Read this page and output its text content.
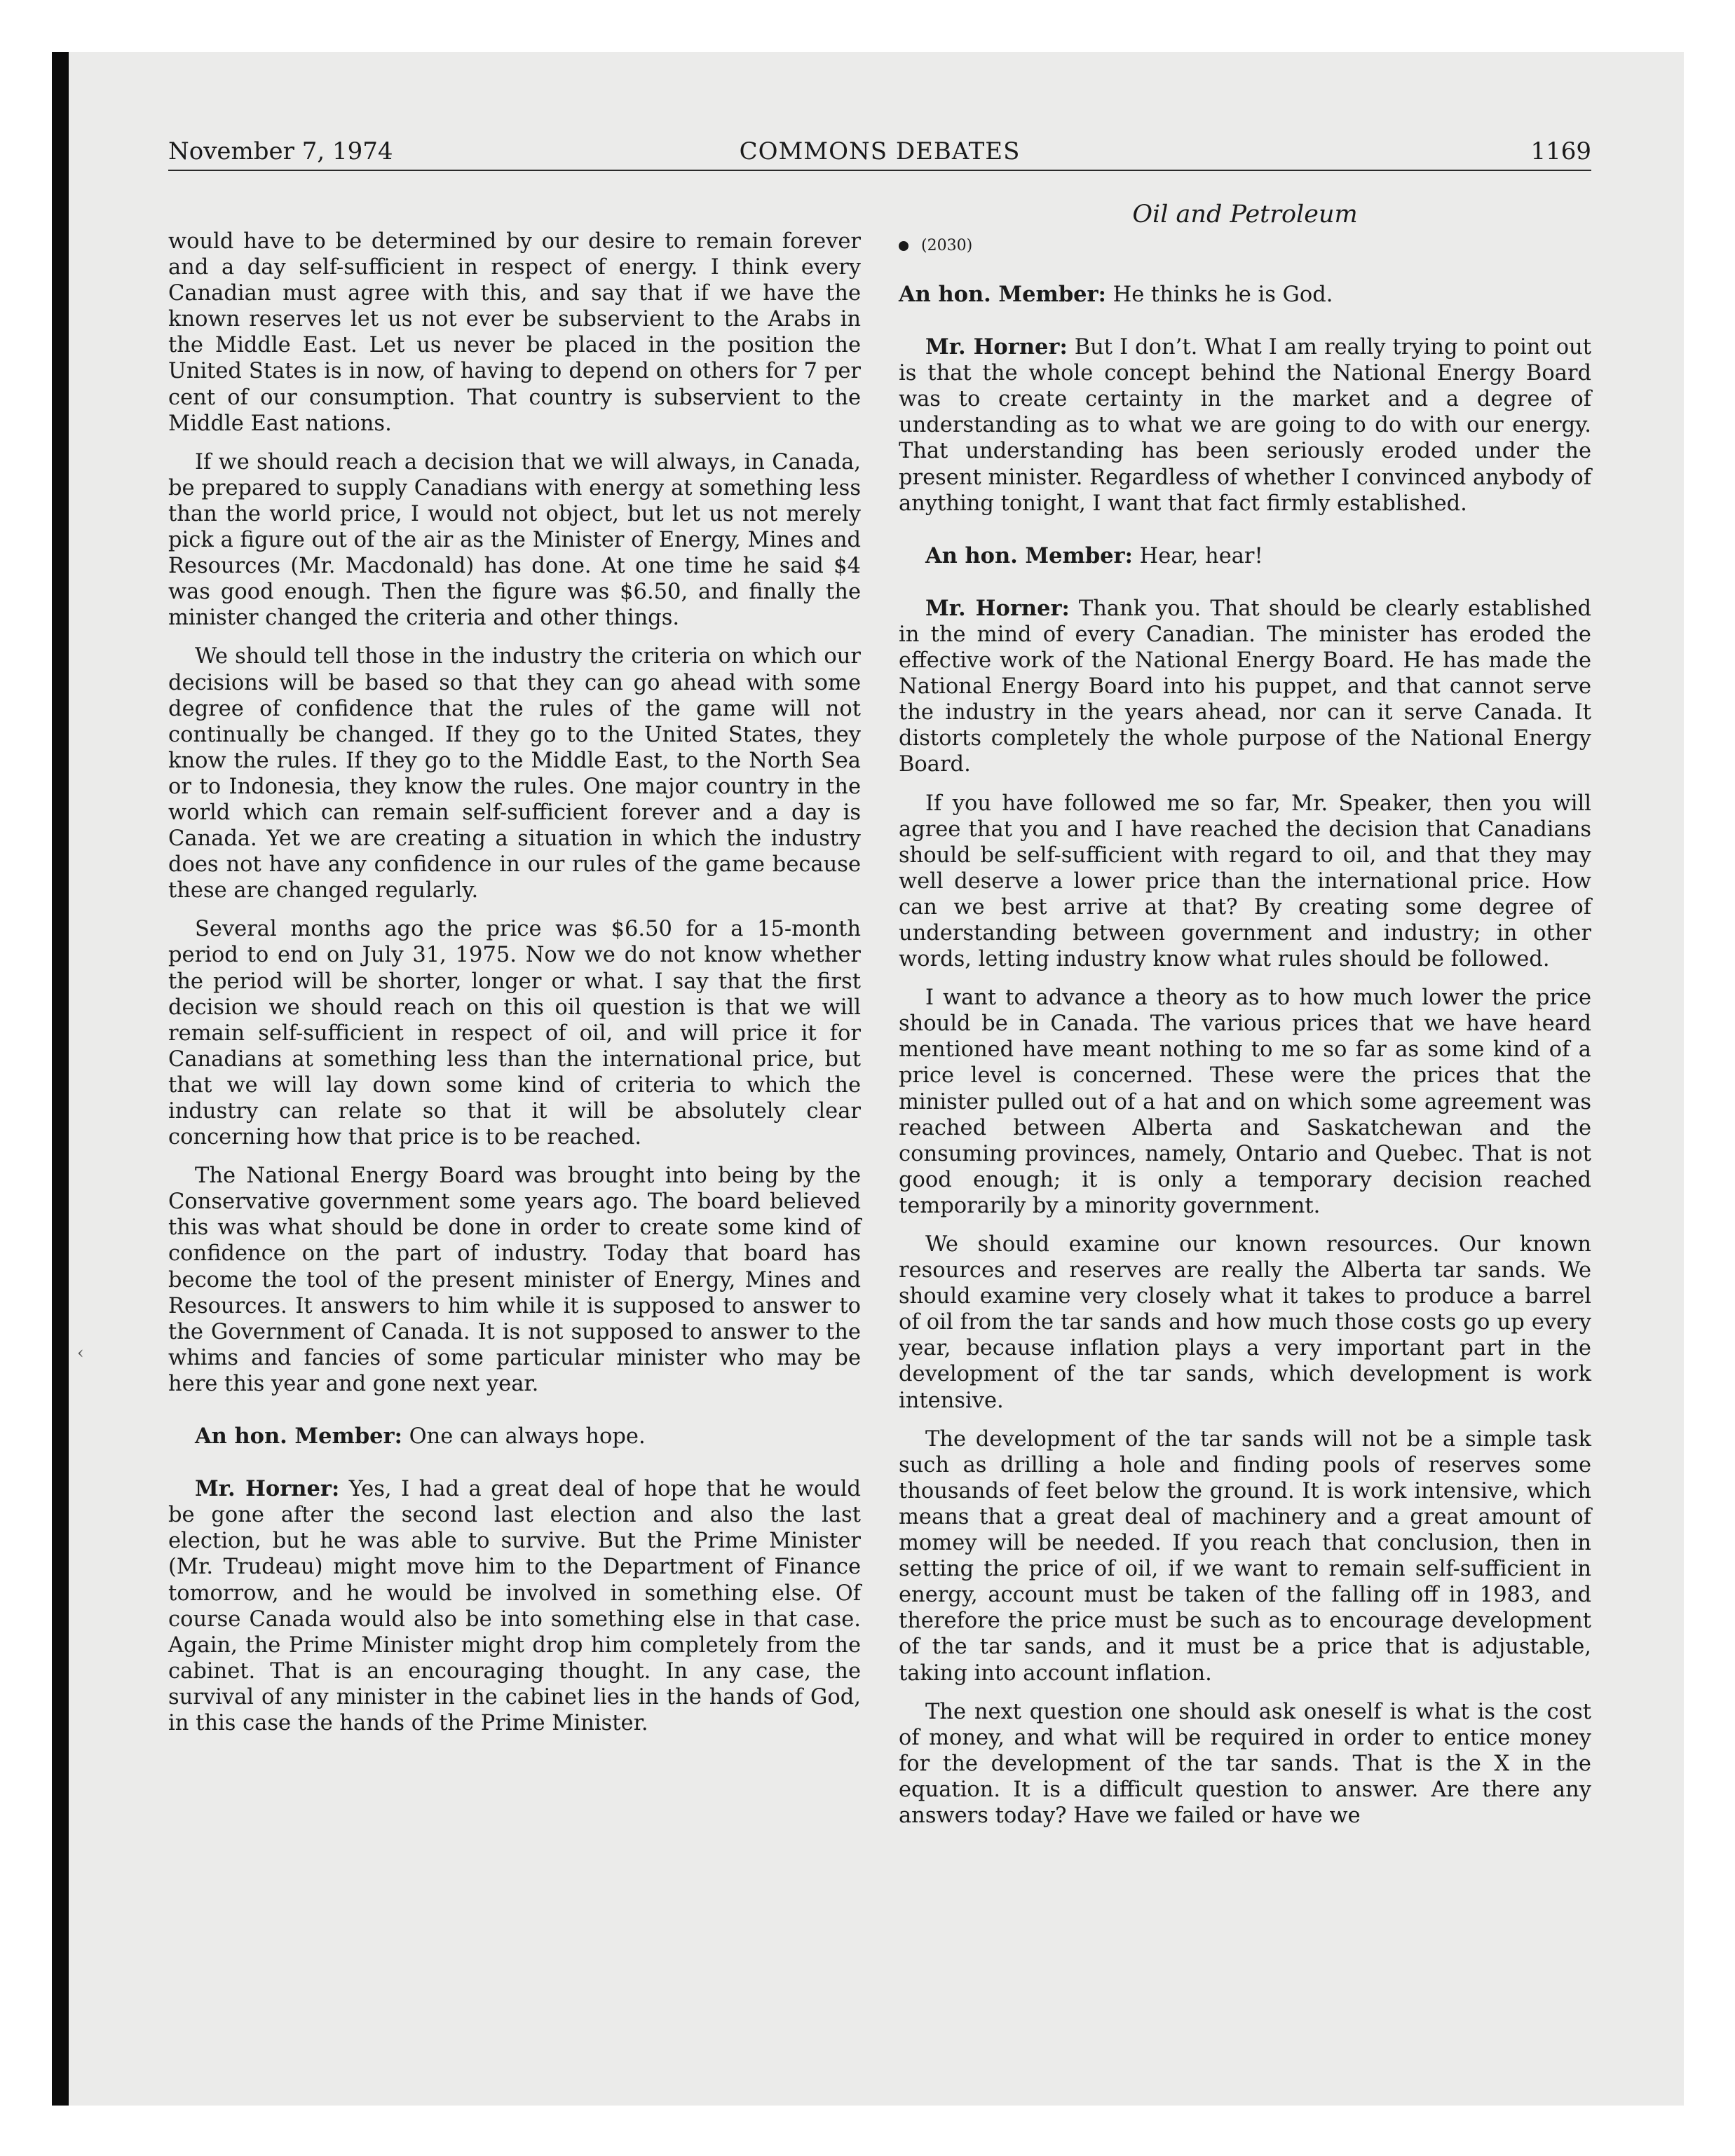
‹
November 7, 1974	COMMONS DEBATES	1169

would have to be determined by our desire to remain forever and a day self-sufficient in respect of energy. I think every Canadian must agree with this, and say that if we have the known reserves let us not ever be subservient to the Arabs in the Middle East. Let us never be placed in the position the United States is in now, of having to depend on others for 7 per cent of our consumption. That country is subservient to the Middle East nations.

If we should reach a decision that we will always, in Canada, be prepared to supply Canadians with energy at something less than the world price, I would not object, but let us not merely pick a figure out of the air as the Minister of Energy, Mines and Resources (Mr. Macdonald) has done. At one time he said $4 was good enough. Then the figure was $6.50, and finally the minister changed the criteria and other things.

We should tell those in the industry the criteria on which our decisions will be based so that they can go ahead with some degree of confidence that the rules of the game will not continually be changed. If they go to the United States, they know the rules. If they go to the Middle East, to the North Sea or to Indonesia, they know the rules. One major country in the world which can remain self-sufficient forever and a day is Canada. Yet we are creating a situation in which the industry does not have any confidence in our rules of the game because these are changed regularly.

Several months ago the price was $6.50 for a 15-month period to end on July 31, 1975. Now we do not know whether the period will be shorter, longer or what. I say that the first decision we should reach on this oil question is that we will remain self-sufficient in respect of oil, and will price it for Canadians at something less than the international price, but that we will lay down some kind of criteria to which the industry can relate so that it will be absolutely clear concerning how that price is to be reached.

The National Energy Board was brought into being by the Conservative government some years ago. The board believed this was what should be done in order to create some kind of confidence on the part of industry. Today that board has become the tool of the present minister of Energy, Mines and Resources. It answers to him while it is supposed to answer to the Government of Canada. It is not supposed to answer to the whims and fancies of some particular minister who may be here this year and gone next year.

An hon. Member: One can always hope.

Mr. Horner: Yes, I had a great deal of hope that he would be gone after the second last election and also the last election, but he was able to survive. But the Prime Minister (Mr. Trudeau) might move him to the Department of Finance tomorrow, and he would be involved in something else. Of course Canada would also be into something else in that case. Again, the Prime Minister might drop him completely from the cabinet. That is an encouraging thought. In any case, the survival of any minister in the cabinet lies in the hands of God, in this case the hands of the Prime Minister.

Oil and Petroleum
(2030)

An hon. Member: He thinks he is God.

Mr. Horner: But I don’t. What I am really trying to point out is that the whole concept behind the National Energy Board was to create certainty in the market and a degree of understanding as to what we are going to do with our energy. That understanding has been seriously eroded under the present minister. Regardless of whether I convinced anybody of anything tonight, I want that fact firmly established.

An hon. Member: Hear, hear!

Mr. Horner: Thank you. That should be clearly established in the mind of every Canadian. The minister has eroded the effective work of the National Energy Board. He has made the National Energy Board into his puppet, and that cannot serve the industry in the years ahead, nor can it serve Canada. It distorts completely the whole purpose of the National Energy Board.

If you have followed me so far, Mr. Speaker, then you will agree that you and I have reached the decision that Canadians should be self-sufficient with regard to oil, and that they may well deserve a lower price than the international price. How can we best arrive at that? By creating some degree of understanding between government and industry; in other words, letting industry know what rules should be followed.

I want to advance a theory as to how much lower the price should be in Canada. The various prices that we have heard mentioned have meant nothing to me so far as some kind of a price level is concerned. These were the prices that the minister pulled out of a hat and on which some agreement was reached between Alberta and Saskatchewan and the consuming provinces, namely, Ontario and Quebec. That is not good enough; it is only a temporary decision reached temporarily by a minority government.

We should examine our known resources. Our known resources and reserves are really the Alberta tar sands. We should examine very closely what it takes to produce a barrel of oil from the tar sands and how much those costs go up every year, because inflation plays a very important part in the development of the tar sands, which development is work intensive.

The development of the tar sands will not be a simple task such as drilling a hole and finding pools of reserves some thousands of feet below the ground. It is work intensive, which means that a great deal of machinery and a great amount of momey will be needed. If you reach that conclusion, then in setting the price of oil, if we want to remain self-sufficient in energy, account must be taken of the falling off in 1983, and therefore the price must be such as to encourage development of the tar sands, and it must be a price that is adjustable, taking into account inflation.

The next question one should ask oneself is what is the cost of money, and what will be required in order to entice money for the development of the tar sands. That is the X in the equation. It is a difficult question to answer. Are there any answers today? Have we failed or have we
